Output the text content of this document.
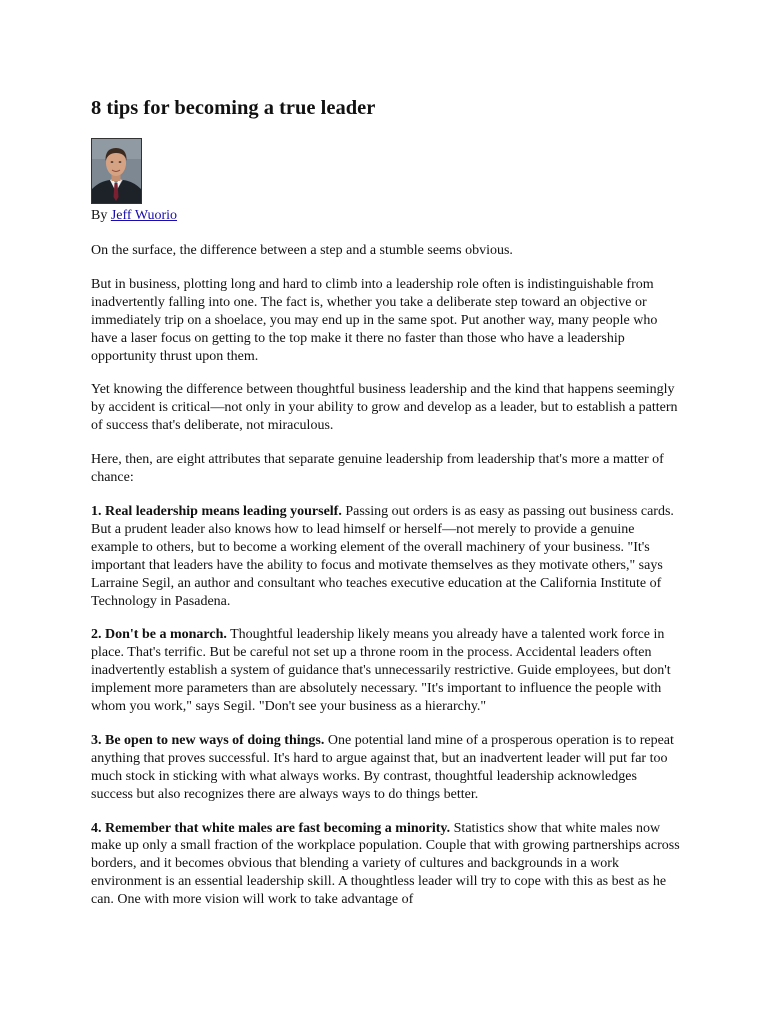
8 tips for becoming a true leader
By Jeff Wuorio

On the surface, the difference between a step and a stumble seems obvious.

But in business, plotting long and hard to climb into a leadership role often is indistinguishable from inadvertently falling into one. The fact is, whether you take a deliberate step toward an objective or immediately trip on a shoelace, you may end up in the same spot. Put another way, many people who have a laser focus on getting to the top make it there no faster than those who have a leadership opportunity thrust upon them.

Yet knowing the difference between thoughtful business leadership and the kind that happens seemingly by accident is critical—not only in your ability to grow and develop as a leader, but to establish a pattern of success that's deliberate, not miraculous.

Here, then, are eight attributes that separate genuine leadership from leadership that's more a matter of chance:

1. Real leadership means leading yourself. Passing out orders is as easy as passing out business cards. But a prudent leader also knows how to lead himself or herself—not merely to provide a genuine example to others, but to become a working element of the overall machinery of your business. "It's important that leaders have the ability to focus and motivate themselves as they motivate others," says Larraine Segil, an author and consultant who teaches executive education at the California Institute of Technology in Pasadena.

2. Don't be a monarch. Thoughtful leadership likely means you already have a talented work force in place. That's terrific. But be careful not set up a throne room in the process. Accidental leaders often inadvertently establish a system of guidance that's unnecessarily restrictive. Guide employees, but don't implement more parameters than are absolutely necessary. "It's important to influence the people with whom you work," says Segil. "Don't see your business as a hierarchy."

3. Be open to new ways of doing things. One potential land mine of a prosperous operation is to repeat anything that proves successful. It's hard to argue against that, but an inadvertent leader will put far too much stock in sticking with what always works. By contrast, thoughtful leadership acknowledges success but also recognizes there are always ways to do things better.

4. Remember that white males are fast becoming a minority. Statistics show that white males now make up only a small fraction of the workplace population. Couple that with growing partnerships across borders, and it becomes obvious that blending a variety of cultures and backgrounds in a work environment is an essential leadership skill. A thoughtless leader will try to cope with this as best as he can. One with more vision will work to take advantage of
